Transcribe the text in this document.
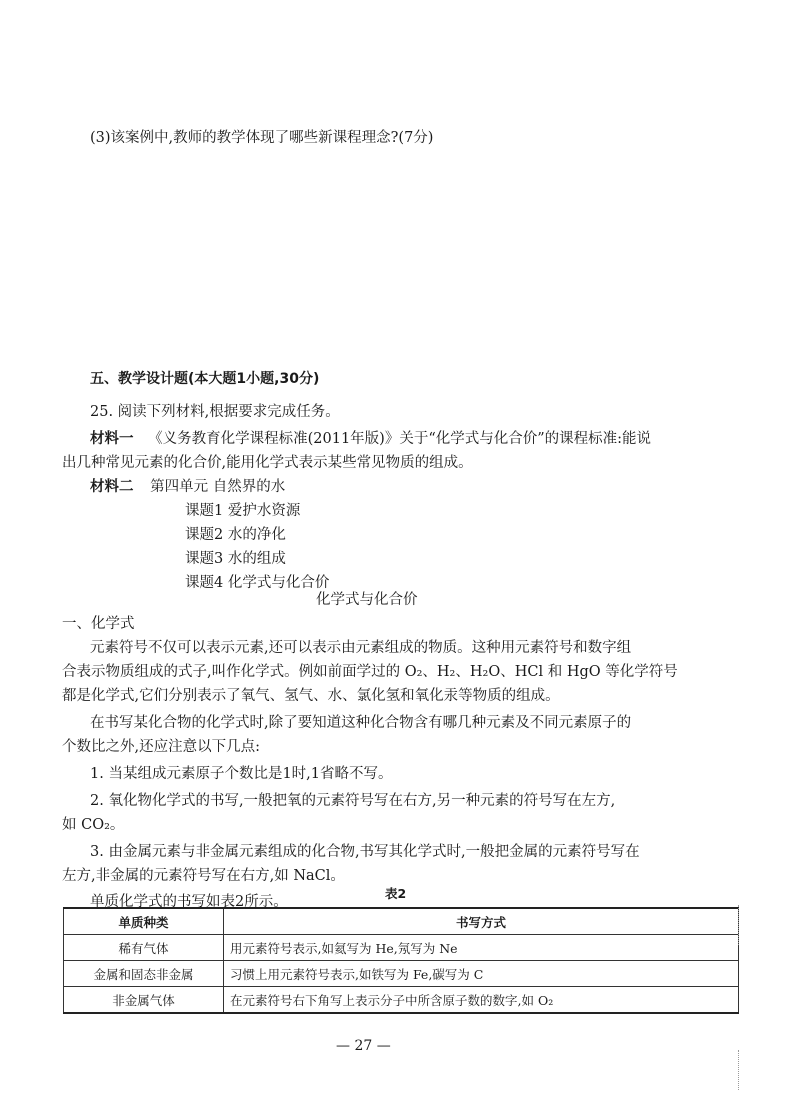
(3)该案例中,教师的教学体现了哪些新课程理念?(7分)
五、教学设计题(本大题1小题,30分)
25. 阅读下列材料,根据要求完成任务。
材料一 《义务教育化学课程标准(2011年版)》关于“化学式与化合价”的课程标准:能说
出几种常见元素的化合价,能用化学式表示某些常见物质的组成。
材料二 第四单元 自然界的水
课题1 爱护水资源
课题2 水的净化
课题3 水的组成
课题4 化学式与化合价
化学式与化合价
一、化学式
元素符号不仅可以表示元素,还可以表示由元素组成的物质。这种用元素符号和数字组
合表示物质组成的式子,叫作化学式。例如前面学过的 O₂、H₂、H₂O、HCl 和 HgO 等化学符号
都是化学式,它们分别表示了氧气、氢气、水、氯化氢和氧化汞等物质的组成。
在书写某化合物的化学式时,除了要知道这种化合物含有哪几种元素及不同元素原子的
个数比之外,还应注意以下几点:
1. 当某组成元素原子个数比是1时,1省略不写。
2. 氧化物化学式的书写,一般把氧的元素符号写在右方,另一种元素的符号写在左方,
如 CO₂。
3. 由金属元素与非金属元素组成的化合物,书写其化学式时,一般把金属的元素符号写在
左方,非金属的元素符号写在右方,如 NaCl。
单质化学式的书写如表2所示。
表2
单质种类	书写方式
稀有气体	用元素符号表示,如氦写为 He,氖写为 Ne
金属和固态非金属	习惯上用元素符号表示,如铁写为 Fe,碳写为 C
非金属气体	在元素符号右下角写上表示分子中所含原子数的数字,如 O₂
— 27 —
